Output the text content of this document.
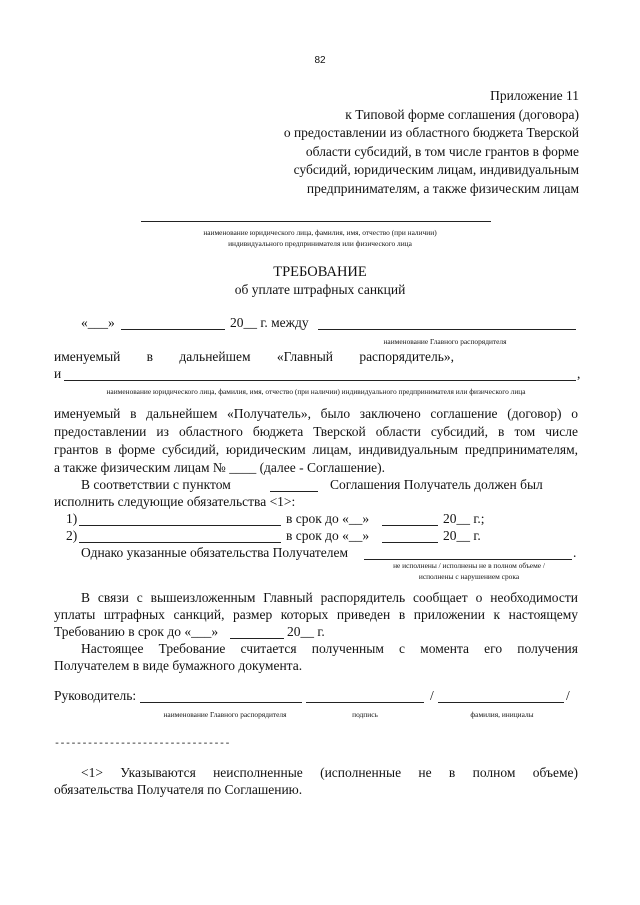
82
Приложение 11
к Типовой форме соглашения (договора)
о предоставлении из областного бюджета Тверской
области субсидий, в том числе грантов в форме
субсидий, юридическим лицам, индивидуальным
предпринимателям, а также физическим лицам
наименование юридического лица, фамилия, имя, отчество (при наличии)
индивидуального предпринимателя или физического лица
ТРЕБОВАНИЕ
об уплате штрафных санкций
«___»	20__ г. между
наименование Главного распорядителя
именуемый в дальнейшем «Главный распорядитель»,
и	,
наименование юридического лица, фамилия, имя, отчество (при наличии) индивидуального предпринимателя или физического лица
именуемый в дальнейшем «Получатель», было заключено соглашение (договор) о
предоставлении из областного бюджета Тверской области субсидий, в том числе
грантов в форме субсидий, юридическим лицам, индивидуальным предпринимателям,
а также физическим лицам № ____ (далее - Соглашение).
В соответствии с пунктом	Соглашения Получатель должен был
исполнить следующие обязательства <1>:
1)	в срок до «__»	20__ г.;
2)	в срок до «__»	20__ г.
Однако указанные обязательства Получателем	.
не исполнены / исполнены не в полном объеме /
исполнены с нарушением срока
В связи с вышеизложенным Главный распорядитель сообщает о необходимости
уплаты штрафных санкций, размер которых приведен в приложении к настоящему
Требованию в срок до «___»	20__ г.
Настоящее Требование считается полученным с момента его получения
Получателем в виде бумажного документа.
Руководитель:	/	/
наименование Главного распорядителя	подпись	фамилия, инициалы
--------------------------------
<1> Указываются неисполненные (исполненные не в полном объеме)
обязательства Получателя по Соглашению.
